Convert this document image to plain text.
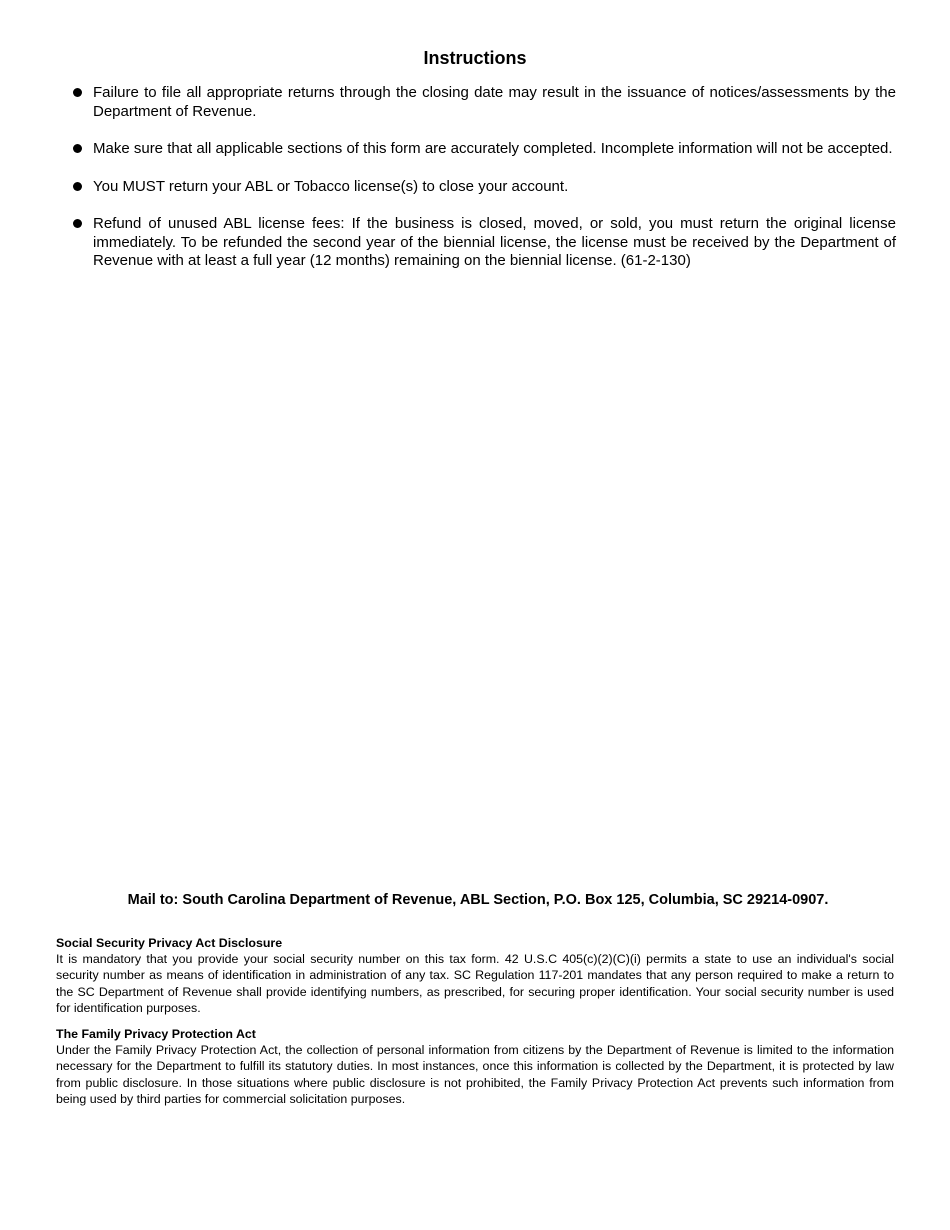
Instructions
Failure to file all appropriate returns through the closing date may result in the issuance of notices/assessments by the Department of Revenue.
Make sure that all applicable sections of this form are accurately completed. Incomplete information will not be accepted.
You MUST return your ABL or Tobacco license(s) to close your account.
Refund of unused ABL license fees: If the business is closed, moved, or sold, you must return the original license immediately. To be refunded the second year of the biennial license, the license must be received by the Department of Revenue with at least a full year (12 months) remaining on the biennial license. (61-2-130)
Mail to: South Carolina Department of Revenue, ABL Section, P.O. Box 125, Columbia, SC 29214-0907.
Social Security Privacy Act Disclosure
It is mandatory that you provide your social security number on this tax form. 42 U.S.C 405(c)(2)(C)(i) permits a state to use an individual's social security number as means of identification in administration of any tax. SC Regulation 117-201 mandates that any person required to make a return to the SC Department of Revenue shall provide identifying numbers, as prescribed, for securing proper identification. Your social security number is used for identification purposes.
The Family Privacy Protection Act
Under the Family Privacy Protection Act, the collection of personal information from citizens by the Department of Revenue is limited to the information necessary for the Department to fulfill its statutory duties. In most instances, once this information is collected by the Department, it is protected by law from public disclosure. In those situations where public disclosure is not prohibited, the Family Privacy Protection Act prevents such information from being used by third parties for commercial solicitation purposes.
